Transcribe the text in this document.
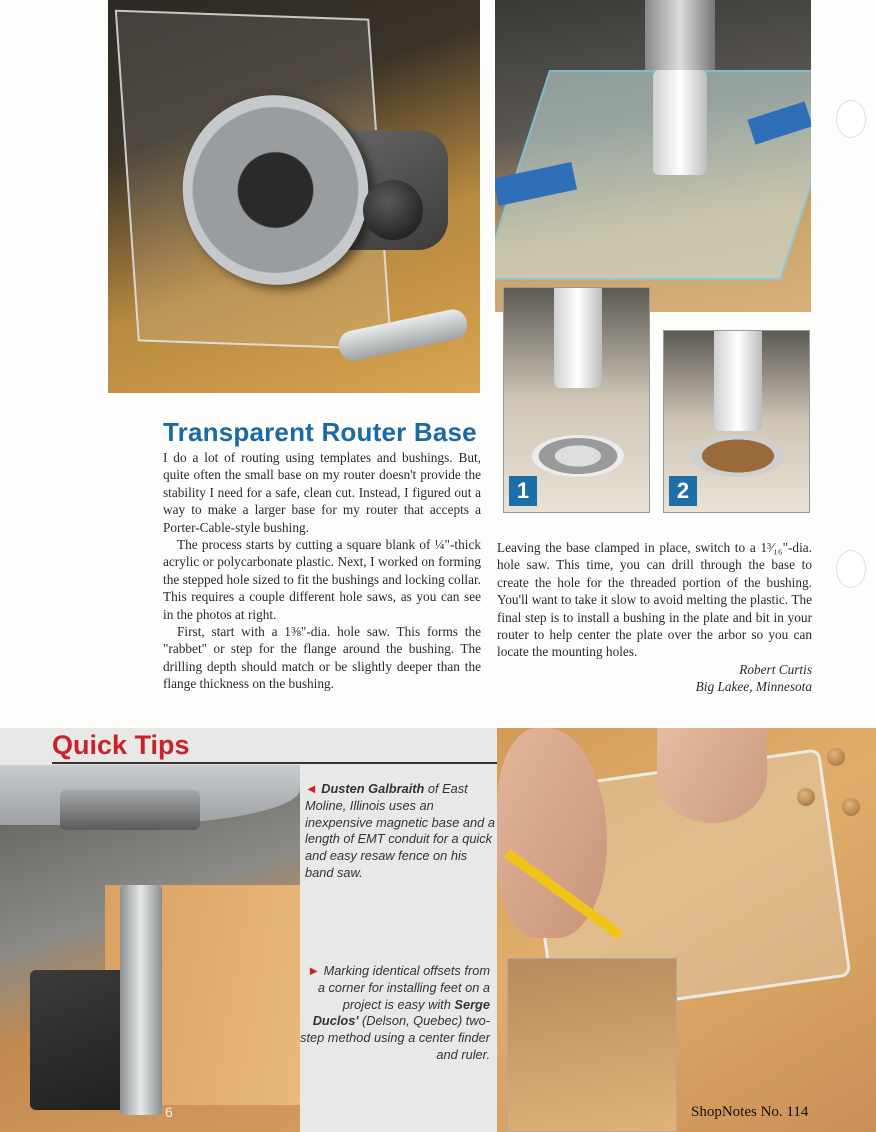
1	2
Transparent Router Base

I do a lot of routing using templates and bushings. But, quite often the small base on my router doesn't provide the stability I need for a safe, clean cut. Instead, I figured out a way to make a larger base for my router that accepts a Porter-Cable-style bushing.

The process starts by cutting a square blank of ¼"-thick acrylic or polycarbonate plastic. Next, I worked on forming the stepped hole sized to fit the bushings and locking collar. This requires a couple different hole saws, as you can see in the photos at right.

First, start with a 1⅜"-dia. hole saw. This forms the "rabbet" or step for the flange around the bushing. The drilling depth should match or be slightly deeper than the flange thickness on the bushing.

Leaving the base clamped in place, switch to a 1³⁄₁₆"-dia. hole saw. This time, you can drill through the base to create the hole for the threaded portion of the bushing. You'll want to take it slow to avoid melting the plastic. The final step is to install a bushing in the plate and bit in your router to help center the plate over the arbor so you can locate the mounting holes.

Robert Curtis

Big Lakee, Minnesota

Quick Tips
6
◄ Dusten Galbraith of East Moline, Illinois uses an inexpensive magnetic base and a length of EMT conduit for a quick and easy resaw fence on his band saw.
► Marking identical offsets from a corner for installing feet on a project is easy with Serge Duclos' (Delson, Quebec) two-step method using a center finder and ruler.
ShopNotes No. 114
